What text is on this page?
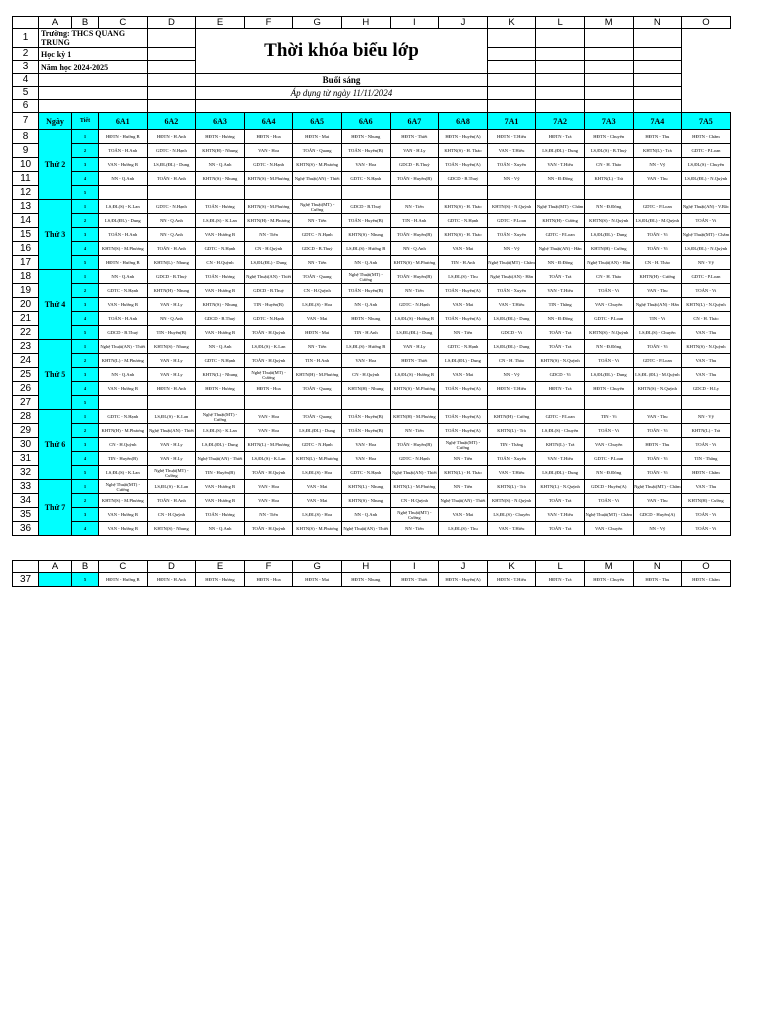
	A	B	C	D	E	F	G	H	I	J	K	L	M	N	O
1	Trường: THCS QUANG TRUNG				Thời khóa biểu lớp										
2	Học kỳ 1														
3	Năm học 2024-2025														
4					Buổi sáng										
5					Áp dụng từ ngày 11/11/2024										
6															
7	Ngày	Tiết	6A1	6A2	6A3	6A4	6A5	6A6	6A7	6A8	7A1	7A2	7A3	7A4	7A5
8	Thứ 2	1	HĐTN - Hướng B	HĐTN - H.Anh	HĐTN - Hương	HĐTN - Hoa	HĐTN - Mai	HĐTN - Nhung	HĐTN - Thiết	HĐTN - Huyền(A)	HĐTN - T.Hiếu	HĐTN - Trà	HĐTN - Chuyên	HĐTN - Thu	HĐTN - Châm
9		2	TOÁN - H.Anh	GDTC - N.Hạnh	KHTN(H) - Nhung	VAN - Hoa	TOÁN - Quang	TOÁN - Huyền(B)	VAN - H.Ly	KHTN(S) - H. Thảo	VAN - T.Hiếu	LS,ĐL(ĐL) - Dung	LS,ĐL(S) - B.Thuỷ	KHTN(L) - Trà	GDTC - P.Loan
10		3	VAN - Hướng B	LS,ĐL(ĐL) - Dung	NN - Q.Anh	GDTC - N.Hạnh	KHTN(S) - M.Phương	VAN - Hoa	GDCD - B.Thuỷ	TOÁN - Huyền(A)	TOÁN - Xuyến	VAN - T.Hiếu	CN - H. Thảo	NN - Vỹ	LS,ĐL(S) - Chuyên
11		4	NN - Q.Anh	TOÁN - H.Anh	KHTN(S) - Nhung	KHTN(S) - M.Phương	Nghệ Thuật(AN) - Thiết	GDTC - N.Hạnh	TOÁN - Huyền(B)	GDCD - B.Thuỷ	NN - Vỹ	NN - Đ.Đông	KHTN(L) - Trà	VAN - Thu	LS,ĐL(ĐL) - N.Quỳnh
12		5													
13	Thứ 3	1	LS,ĐL(S) - K.Lan	GDTC - N.Hạnh	TOÁN - Hương	KHTN(S) - M.Phương	Nghệ Thuật(MT) - Cường	GDCD - B.Thuỷ	NN - Tiến	KHTN(S) - H. Thảo	KHTN(S) - N.Quỳnh	Nghệ Thuật(MT) - Châm	NN - Đ.Đông	GDTC - P.Loan	Nghệ Thuật(AN) - V.Bắc
14		2	LS,ĐL(ĐL) - Dung	NN - Q.Anh	LS,ĐL(S) - K.Lan	KHTN(H) - M.Phương	NN - Tiến	TOÁN - Huyền(B)	TIN - H.Anh	GDTC - N.Hạnh	GDTC - P.Loan	KHTN(H) - Cường	KHTN(S) - N.Quỳnh	LS,ĐL(ĐL) - M.Quỳnh	TOÁN - Vi
15		3	TOÁN - H.Anh	NN - Q.Anh	VAN - Hướng B	NN - Tiến	GDTC - N.Hạnh	KHTN(S) - Nhung	TOÁN - Huyền(B)	KHTN(S) - H. Thảo	TOÁN - Xuyến	GDTC - P.Loan	LS,ĐL(ĐL) - Dung	TOÁN - Vi	Nghệ Thuật(MT) - Châm
16		4	KHTN(S) - M.Phương	TOÁN - H.Anh	GDTC - N.Hạnh	CN - H.Quỳnh	GDCD - B.Thuỷ	LS,ĐL(S) - Hướng B	NN - Q.Anh	VAN - Mai	NN - Vỹ	Nghệ Thuật(AN) - Hân	KHTN(H) - Cường	TOÁN - Vi	LS,ĐL(ĐL) - N.Quỳnh
17		5	HĐTN - Hướng B	KHTN(L) - Nhung	CN - H.Quỳnh	LS,ĐL(ĐL) - Dung	NN - Tiến	NN - Q.Anh	KHTN(S) - M.Phương	TIN - H.Anh	Nghệ Thuật(MT) - Châm	NN - Đ.Đông	Nghệ Thuật(AN) - Hân	CN - H. Thảo	NN - Vỹ
18	Thứ 4	1	NN - Q.Anh	GDCD - B.Thuỷ	TOÁN - Hương	Nghệ Thuật(AN) - Thiết	TOÁN - Quang	Nghệ Thuật(MT) - Cường	TOÁN - Huyền(B)	LS,ĐL(S) - Thu	Nghệ Thuật(AN) - Hân	TOÁN - Trà	CN - H. Thảo	KHTN(H) - Cường	GDTC - P.Loan
19		2	GDTC - N.Hạnh	KHTN(H) - Nhung	VAN - Hướng B	GDCD - B.Thuỷ	CN - H.Quỳnh	TOÁN - Huyền(B)	NN - Tiến	TOÁN - Huyền(A)	TOÁN - Xuyến	VAN - T.Hiếu	TOÁN - Vi	VAN - Thu	TOÁN - Vi
20		3	VAN - Hướng B	VAN - H.Ly	KHTN(S) - Nhung	TIN - Huyền(B)	LS,ĐL(S) - Hoa	NN - Q.Anh	GDTC - N.Hạnh	VAN - Mai	VAN - T.Hiếu	TIN - Thắng	VAN - Chuyên	Nghệ Thuật(AN) - Hân	KHTN(L) - N.Quỳnh
21		4	TOÁN - H.Anh	NN - Q.Anh	GDCD - B.Thuỷ	GDTC - N.Hạnh	VAN - Mai	HĐTN - Nhung	LS,ĐL(S) - Hướng B	TOÁN - Huyền(A)	LS,ĐL(ĐL) - Dung	NN - Đ.Đông	GDTC - P.Loan	TIN - Vi	CN - H. Thảo
22		5	GDCD - B.Thuỷ	TIN - Huyền(B)	VAN - Hướng B	TOÁN - H.Quỳnh	HĐTN - Mai	TIN - H.Anh	LS,ĐL(ĐL) - Dung	NN - Tiến	GDCD - Vi	TOÁN - Trà	KHTN(S) - N.Quỳnh	LS,ĐL(S) - Chuyên	VAN - Thu
23	Thứ 5	1	Nghệ Thuật(AN) - Thiết	KHTN(S) - Nhung	NN - Q.Anh	LS,ĐL(S) - K.Lan	NN - Tiến	LS,ĐL(S) - Hướng B	VAN - H.Ly	GDTC - N.Hạnh	LS,ĐL(ĐL) - Dung	TOÁN - Trà	NN - Đ.Đông	TOÁN - Vi	KHTN(S) - N.Quỳnh
24		2	KHTN(L) - M.Phương	VAN - H.Ly	GDTC - N.Hạnh	TOÁN - H.Quỳnh	TIN - H.Anh	VAN - Hoa	HĐTN - Thiết	LS,ĐL(ĐL) - Dung	CN - H. Thảo	KHTN(S) - N.Quỳnh	TOÁN - Vi	GDTC - P.Loan	VAN - Thu
25		3	NN - Q.Anh	VAN - H.Ly	KHTN(L) - Nhung	Nghệ Thuật(MT) - Cường	KHTN(H) - M.Phương	CN - H.Quỳnh	LS,ĐL(S) - Hướng B	VAN - Mai	NN - Vỹ	GDCD - Vi	LS,ĐL(ĐL) - Dung	LS,ĐL (ĐL) - M.Quỳnh	VAN - Thu
26		4	VAN - Hướng B	HĐTN - H.Anh	HĐTN - Hương	HĐTN - Hoa	TOÁN - Quang	KHTN(H) - Nhung	KHTN(S) - M.Phương	TOÁN - Huyền(A)	HĐTN - T.Hiếu	HĐTN - Trà	HĐTN - Chuyên	KHTN(S) - N.Quỳnh	GDCD - H.Ly
27		5													
28	Thứ 6	1	GDTC - N.Hạnh	LS,ĐL(S) - K.Lan	Nghệ Thuật(MT) - Cường	VAN - Hoa	TOÁN - Quang	TOÁN - Huyền(B)	KHTN(H) - M.Phương	TOÁN - Huyền(A)	KHTN(H) - Cường	GDTC - P.Loan	TIN - Vi	VAN - Thu	NN - Vỹ
29		2	KHTN(H) - M.Phương	Nghệ Thuật(AN) - Thiết	LS,ĐL(S) - K.Lan	VAN - Hoa	LS,ĐL(ĐL) - Dung	TOÁN - Huyền(B)	NN - Tiến	TOÁN - Huyền(A)	KHTN(L) - Trà	LS,ĐL(S) - Chuyên	TOÁN - Vi	TOÁN - Vi	KHTN(L) - Trà
30		3	CN - H.Quỳnh	VAN - H.Ly	LS,ĐL(ĐL) - Dung	KHTN(L) - M.Phương	GDTC - N.Hạnh	VAN - Hoa	TOÁN - Huyền(B)	Nghệ Thuật(MT) - Cường	TIN - Thắng	KHTN(L) - Trà	VAN - Chuyên	HĐTN - Thu	TOÁN - Vi
31		4	TIN - Huyền(B)	VAN - H.Ly	Nghệ Thuật(AN) - Thiết	LS,ĐL(S) - K.Lan	KHTN(L) - M.Phương	VAN - Hoa	GDTC - N.Hạnh	NN - Tiến	TOÁN - Xuyến	VAN - T.Hiếu	GDTC - P.Loan	TOÁN - Vi	TIN - Thắng
32		5	LS,ĐL(S) - K.Lan	Nghệ Thuật(MT) - Cường	TIN - Huyền(B)	TOÁN - H.Quỳnh	LS,ĐL(S) - Hoa	GDTC - N.Hạnh	Nghệ Thuật(AN) - Thiết	KHTN(L) - H. Thảo	VAN - T.Hiếu	LS,ĐL(ĐL) - Dung	NN - Đ.Đông	TOÁN - Vi	HĐTN - Châm
33	Thứ 7	1	Nghệ Thuật(MT) - Cường	LS,ĐL(S) - K.Lan	VAN - Hướng B	VAN - Hoa	VAN - Mai	KHTN(L) - Nhung	KHTN(L) - M.Phương	NN - Tiến	KHTN(L) - Trà	KHTN(L) - N.Quỳnh	GDCD - Huyền(A)	Nghệ Thuật(MT) - Châm	VAN - Thu
34		2	KHTN(S) - M.Phương	TOÁN - H.Anh	VAN - Hướng B	VAN - Hoa	VAN - Mai	KHTN(S) - Nhung	CN - H.Quỳnh	Nghệ Thuật(AN) - Thiết	KHTN(S) - N.Quỳnh	TOÁN - Trà	TOÁN - Vi	VAN - Thu	KHTN(H) - Cường
35		3	VAN - Hướng B	CN - H.Quỳnh	TOÁN - Hương	NN - Tiến	LS,ĐL(S) - Hoa	NN - Q.Anh	Nghệ Thuật(MT) - Cường	VAN - Mai	LS,ĐL(S) - Chuyên	VAN - T.Hiếu	Nghệ Thuật(MT) - Châm	GDCD - Huyền(A)	TOÁN - Vi
36		4	VAN - Hướng B	KHTN(S) - Nhung	NN - Q.Anh	TOÁN - H.Quỳnh	KHTN(S) - M.Phương	Nghệ Thuật(AN) - Thiết	NN - Tiến	LS,ĐL(S) - Thu	VAN - T.Hiếu	TOÁN - Trà	VAN - Chuyên	NN - Vỹ	TOÁN - Vi
	A	B	C	D	E	F	G	H	I	J	K	L	M	N	O
37		5	HĐTN - Hướng B	HĐTN - H.Anh	HĐTN - Hương	HĐTN - Hoa	HĐTN - Mai	HĐTN - Nhung	HĐTN - Thiết	HĐTN - Huyền(A)	HĐTN - T.Hiếu	HĐTN - Trà	HĐTN - Chuyên	HĐTN - Thu	HĐTN - Châm
